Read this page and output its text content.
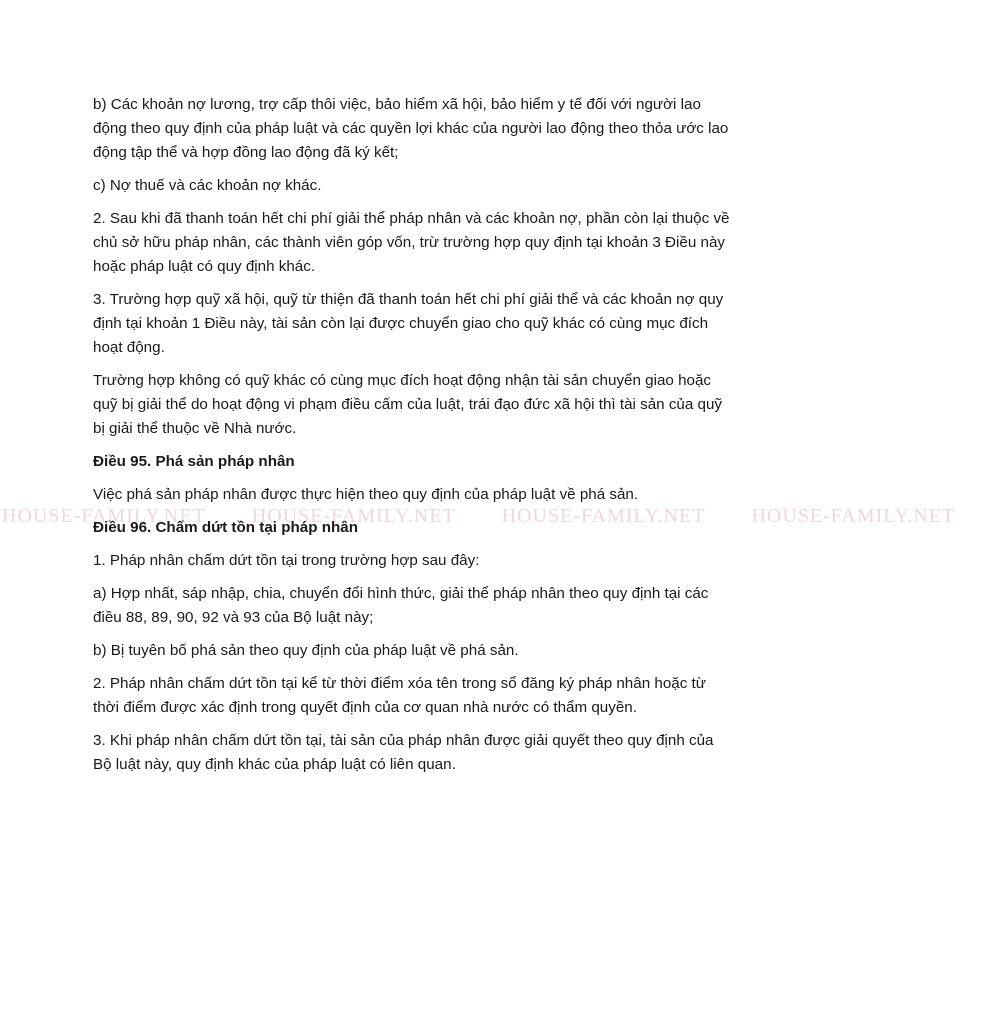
b) Các khoản nợ lương, trợ cấp thôi việc, bảo hiểm xã hội, bảo hiểm y tế đối với người lao động theo quy định của pháp luật và các quyền lợi khác của người lao động theo thỏa ước lao động tập thể và hợp đồng lao động đã ký kết;

c) Nợ thuế và các khoản nợ khác.

2. Sau khi đã thanh toán hết chi phí giải thể pháp nhân và các khoản nợ, phần còn lại thuộc về chủ sở hữu pháp nhân, các thành viên góp vốn, trừ trường hợp quy định tại khoản 3 Điều này hoặc pháp luật có quy định khác.

3. Trường hợp quỹ xã hội, quỹ từ thiện đã thanh toán hết chi phí giải thể và các khoản nợ quy định tại khoản 1 Điều này, tài sản còn lại được chuyển giao cho quỹ khác có cùng mục đích hoạt động.

Trường hợp không có quỹ khác có cùng mục đích hoạt động nhận tài sản chuyển giao hoặc quỹ bị giải thể do hoạt động vi phạm điều cấm của luật, trái đạo đức xã hội thì tài sản của quỹ bị giải thể thuộc về Nhà nước.

Điều 95. Phá sản pháp nhân

Việc phá sản pháp nhân được thực hiện theo quy định của pháp luật về phá sản.

Điều 96. Chấm dứt tồn tại pháp nhân

1. Pháp nhân chấm dứt tồn tại trong trường hợp sau đây:

a) Hợp nhất, sáp nhập, chia, chuyển đổi hình thức, giải thể pháp nhân theo quy định tại các điều 88, 89, 90, 92 và 93 của Bộ luật này;

b) Bị tuyên bố phá sản theo quy định của pháp luật về phá sản.

2. Pháp nhân chấm dứt tồn tại kể từ thời điểm xóa tên trong sổ đăng ký pháp nhân hoặc từ thời điểm được xác định trong quyết định của cơ quan nhà nước có thẩm quyền.

3. Khi pháp nhân chấm dứt tồn tại, tài sản của pháp nhân được giải quyết theo quy định của Bộ luật này, quy định khác của pháp luật có liên quan.

HOUSE-FAMILY.NET HOUSE-FAMILY.NET HOUSE-FAMILY.NET HOUSE-FAMILY.NET
